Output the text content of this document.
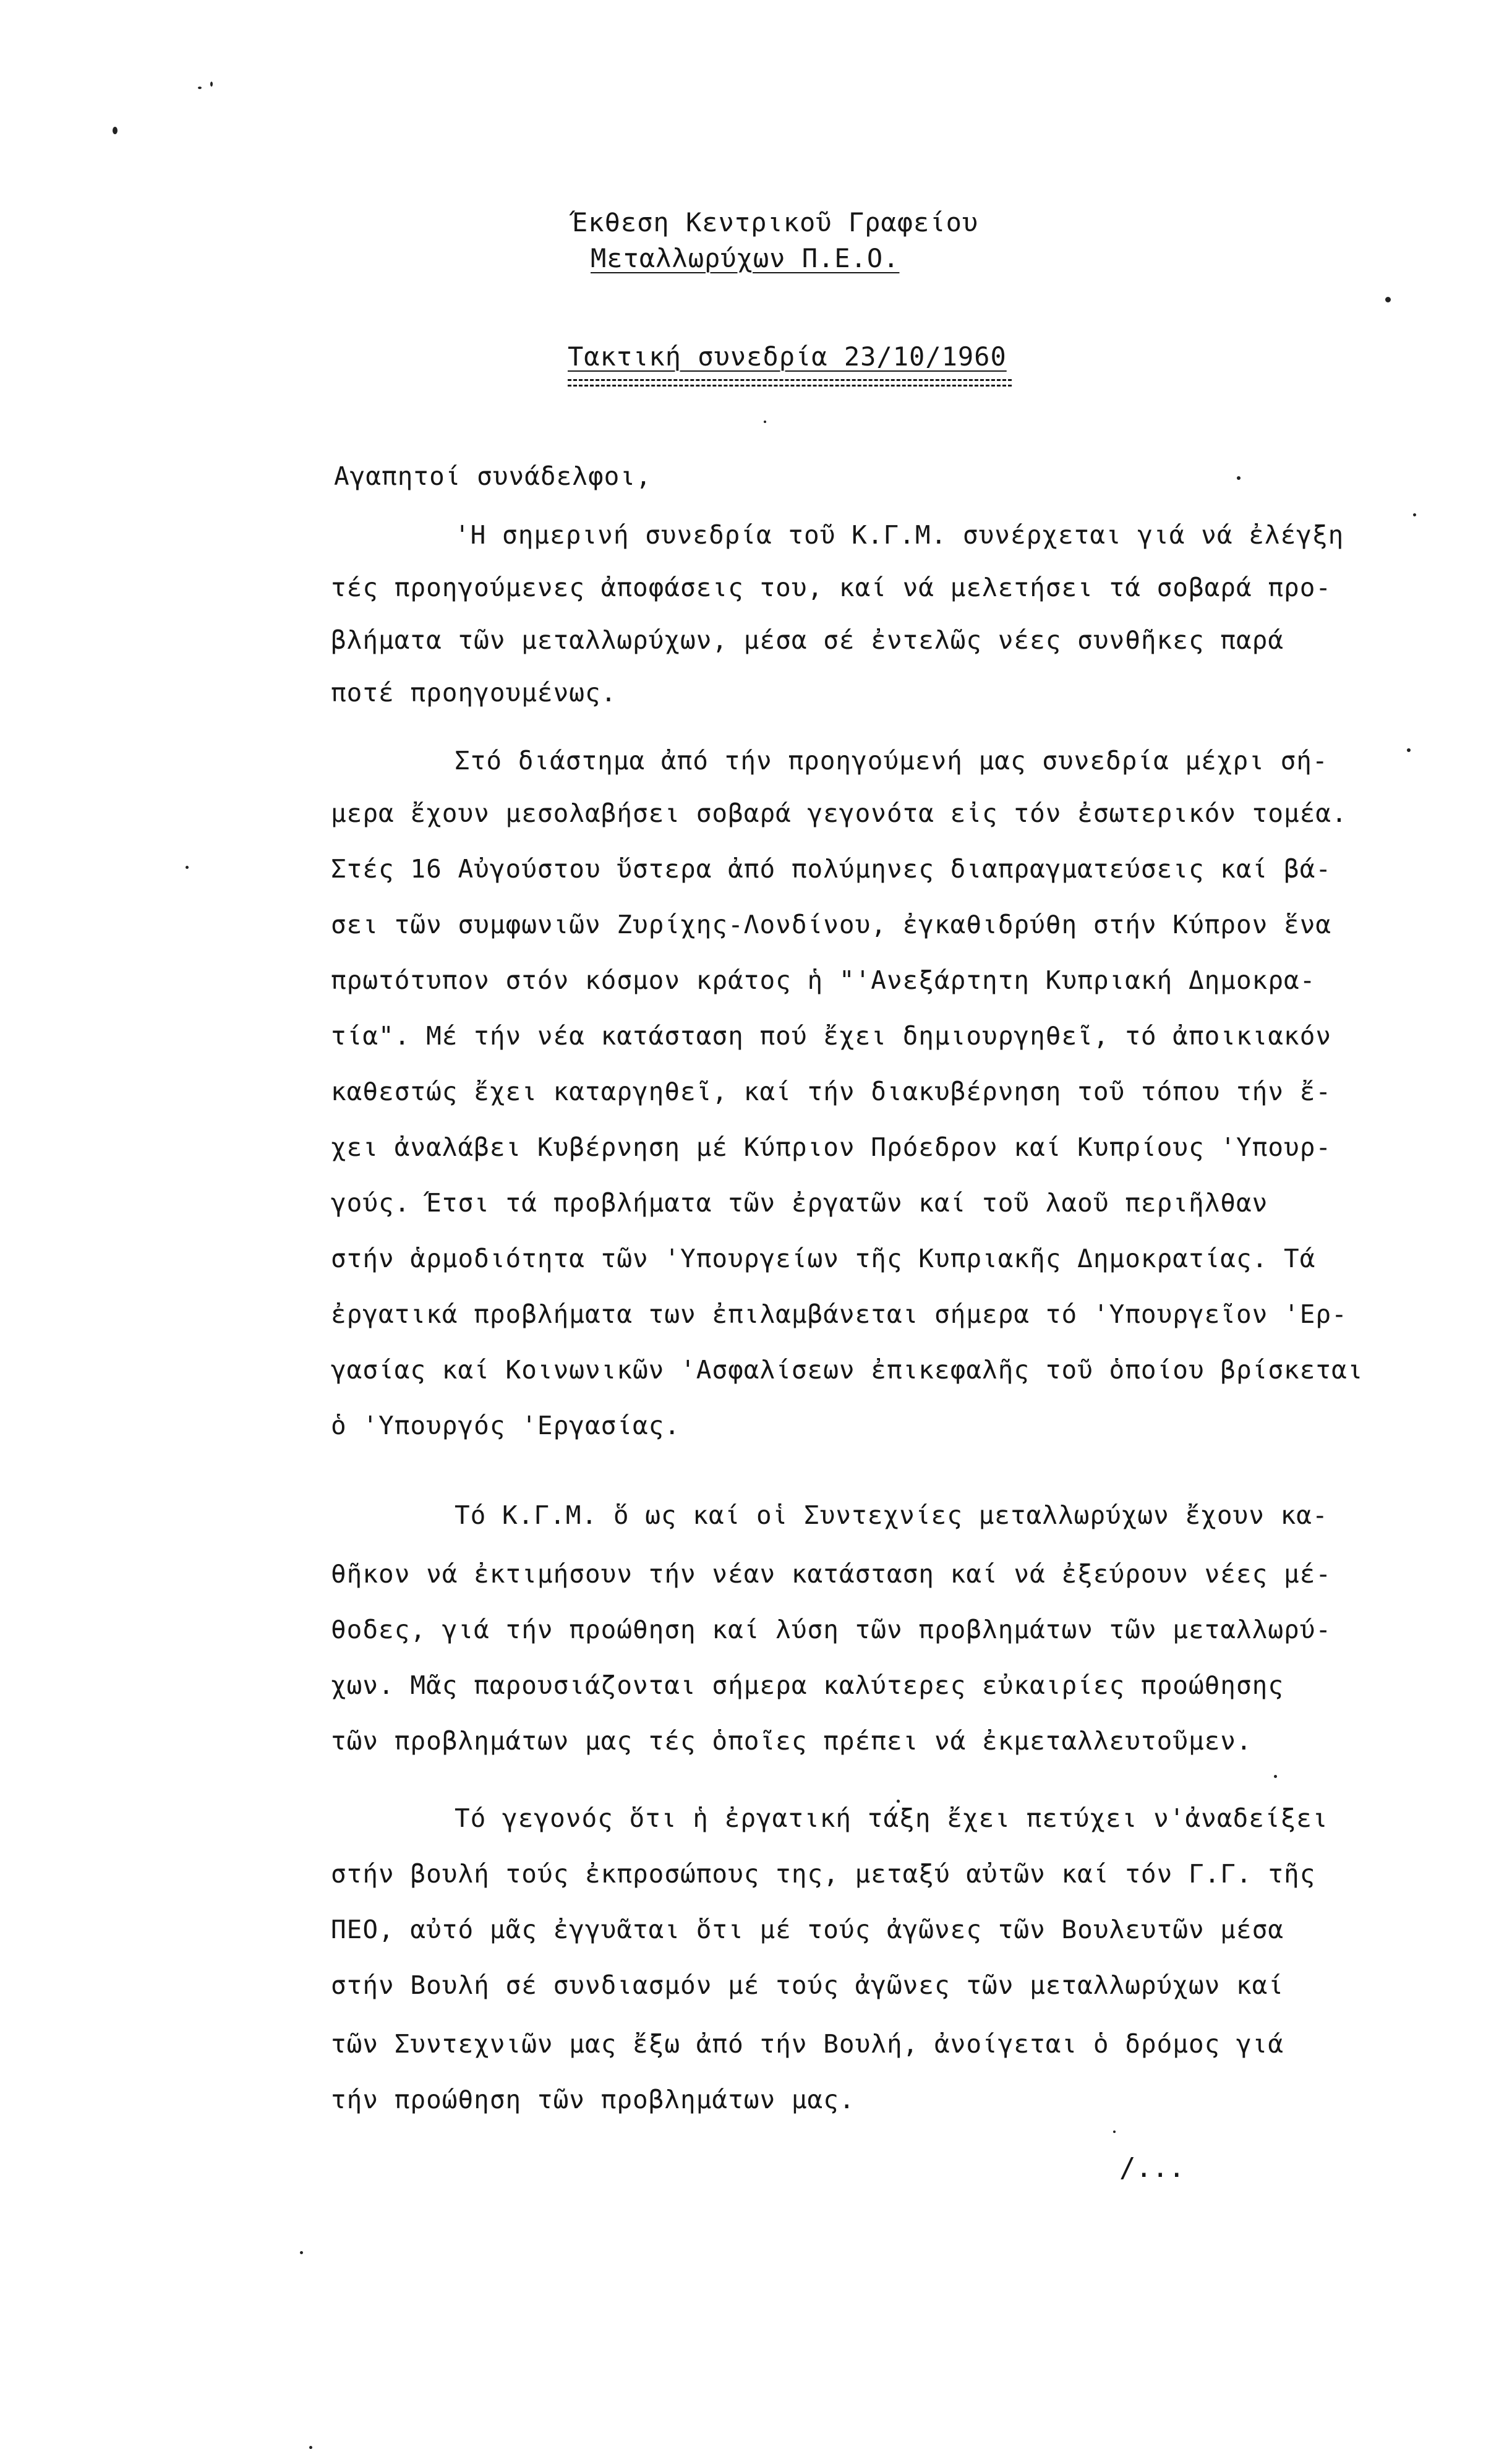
Έκθεση Κεντρικοῦ Γραφείου
Μεταλλωρύχων Π.Ε.Ο.
Τακτική συνεδρία 23/10/1960
Αγαπητοί συνάδελφοι,
'Η σημερινή συνεδρία τοῦ Κ.Γ.Μ. συνέρχεται γιά νά ἐλέγξη
τές προηγούμενες ἀποφάσεις του, καί νά μελετήσει τά σοβαρά προ-
βλήματα τῶν μεταλλωρύχων, μέσα σέ ἐντελῶς νέες συνθῆκες παρά
ποτέ προηγουμένως.
Στό διάστημα ἀπό τήν προηγούμενή μας συνεδρία μέχρι σή-
μερα ἔχουν μεσολαβήσει σοβαρά γεγονότα εἰς τόν ἐσωτερικόν τομέα.
Στές 16 Αὐγούστου ὕστερα ἀπό πολύμηνες διαπραγματεύσεις καί βά-
σει τῶν συμφωνιῶν Ζυρίχης-Λονδίνου, ἐγκαθιδρύθη στήν Κύπρον ἕνα
πρωτότυπον στόν κόσμον κράτος ἡ "'Ανεξάρτητη Κυπριακή Δημοκρα-
τία". Μέ τήν νέα κατάσταση πού ἔχει δημιουργηθεῖ, τό ἀποικιακόν
καθεστώς ἔχει καταργηθεῖ, καί τήν διακυβέρνηση τοῦ τόπου τήν ἔ-
χει ἀναλάβει Κυβέρνηση μέ Κύπριον Πρόεδρον καί Κυπρίους 'Υπουρ-
γούς. Έτσι τά προβλήματα τῶν ἐργατῶν καί τοῦ λαοῦ περιῆλθαν
στήν ἁρμοδιότητα τῶν 'Υπουργείων τῆς Κυπριακῆς Δημοκρατίας. Τά
ἐργατικά προβλήματα των ἐπιλαμβάνεται σήμερα τό 'Υπουργεῖον 'Ερ-
γασίας καί Κοινωνικῶν 'Ασφαλίσεων ἐπικεφαλῆς τοῦ ὁποίου βρίσκεται
ὁ 'Υπουργός 'Εργασίας.
Τό Κ.Γ.Μ. ὅ ως καί οἱ Συντεχνίες μεταλλωρύχων ἔχουν κα-
θῆκον νά ἐκτιμήσουν τήν νέαν κατάσταση καί νά ἐξεύρουν νέες μέ-
θοδες, γιά τήν προώθηση καί λύση τῶν προβλημάτων τῶν μεταλλωρύ-
χων. Μᾶς παρουσιάζονται σήμερα καλύτερες εὐκαιρίες προώθησης
τῶν προβλημάτων μας τές ὁποῖες πρέπει νά ἐκμεταλλευτοῦμεν.
Τό γεγονός ὅτι ἡ ἐργατική τάξη ἔχει πετύχει ν'ἀναδείξει
στήν βουλή τούς ἐκπροσώπους της, μεταξύ αὐτῶν καί τόν Γ.Γ. τῆς
ΠΕΟ, αὐτό μᾶς ἐγγυᾶται ὅτι μέ τούς ἀγῶνες τῶν Βουλευτῶν μέσα
στήν Βουλή σέ συνδιασμόν μέ τούς ἀγῶνες τῶν μεταλλωρύχων καί
τῶν Συντεχνιῶν μας ἔξω ἀπό τήν Βουλή, ἀνοίγεται ὁ δρόμος γιά
τήν προώθηση τῶν προβλημάτων μας.
/...
